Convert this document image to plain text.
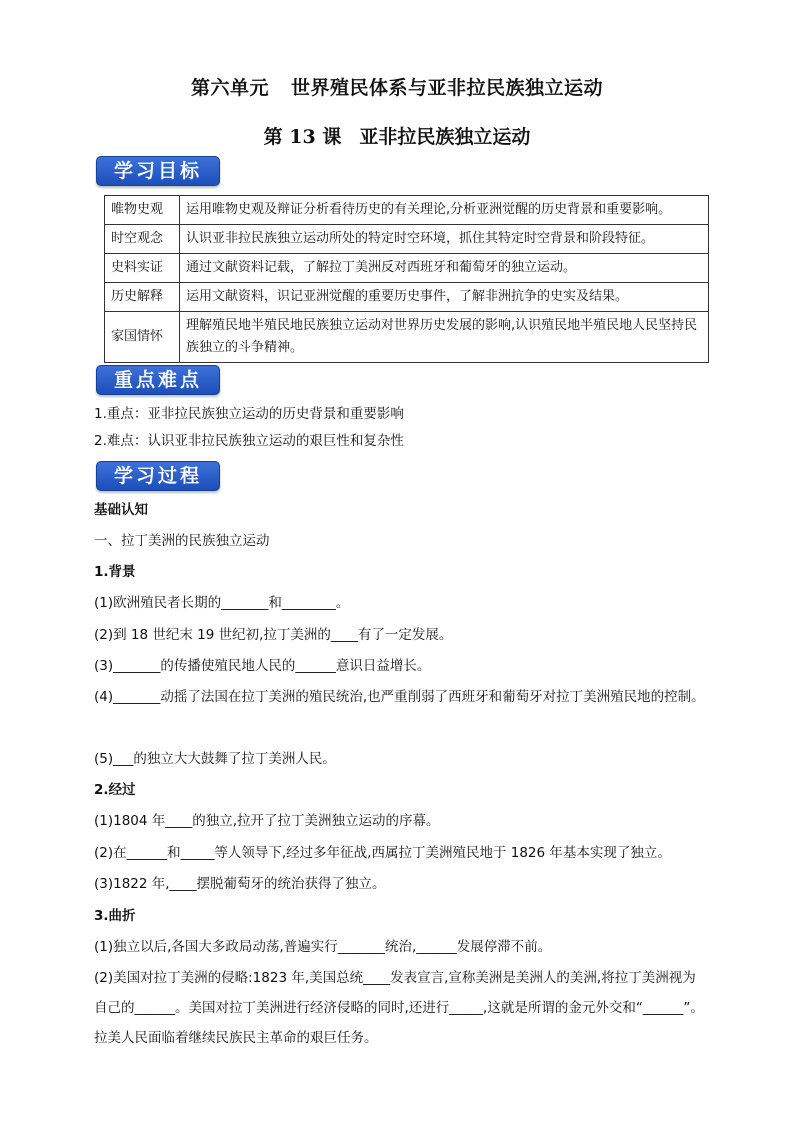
第六单元 世界殖民体系与亚非拉民族独立运动
第 13 课 亚非拉民族独立运动
学习目标
唯物史观	运用唯物史观及辩证分析看待历史的有关理论,分析亚洲觉醒的历史背景和重要影响。
时空观念	认识亚非拉民族独立运动所处的特定时空环境，抓住其特定时空背景和阶段特征。
史料实证	通过文献资料记载，了解拉丁美洲反对西班牙和葡萄牙的独立运动。
历史解释	运用文献资料，识记亚洲觉醒的重要历史事件，了解非洲抗争的史实及结果。
家国情怀	理解殖民地半殖民地民族独立运动对世界历史发展的影响,认识殖民地半殖民地人民坚持民族独立的斗争精神。
重点难点
1.重点：亚非拉民族独立运动的历史背景和重要影响
2.难点：认识亚非拉民族独立运动的艰巨性和复杂性
学习过程
基础认知
一、拉丁美洲的民族独立运动
1.背景
(1)欧洲殖民者长期的_______和________。
(2)到 18 世纪末 19 世纪初,拉丁美洲的____有了一定发展。
(3)_______的传播使殖民地人民的______意识日益增长。
(4)_______动摇了法国在拉丁美洲的殖民统治,也严重削弱了西班牙和葡萄牙对拉丁美洲殖民地的控制。
(5)___的独立大大鼓舞了拉丁美洲人民。
2.经过
(1)1804 年____的独立,拉开了拉丁美洲独立运动的序幕。
(2)在______和_____等人领导下,经过多年征战,西属拉丁美洲殖民地于 1826 年基本实现了独立。
(3)1822 年,____摆脱葡萄牙的统治获得了独立。
3.曲折
(1)独立以后,各国大多政局动荡,普遍实行_______统治,______发展停滞不前。
(2)美国对拉丁美洲的侵略:1823 年,美国总统____发表宣言,宣称美洲是美洲人的美洲,将拉丁美洲视为自己的______。美国对拉丁美洲进行经济侵略的同时,还进行_____,这就是所谓的金元外交和“______”。拉美人民面临着继续民族民主革命的艰巨任务。
